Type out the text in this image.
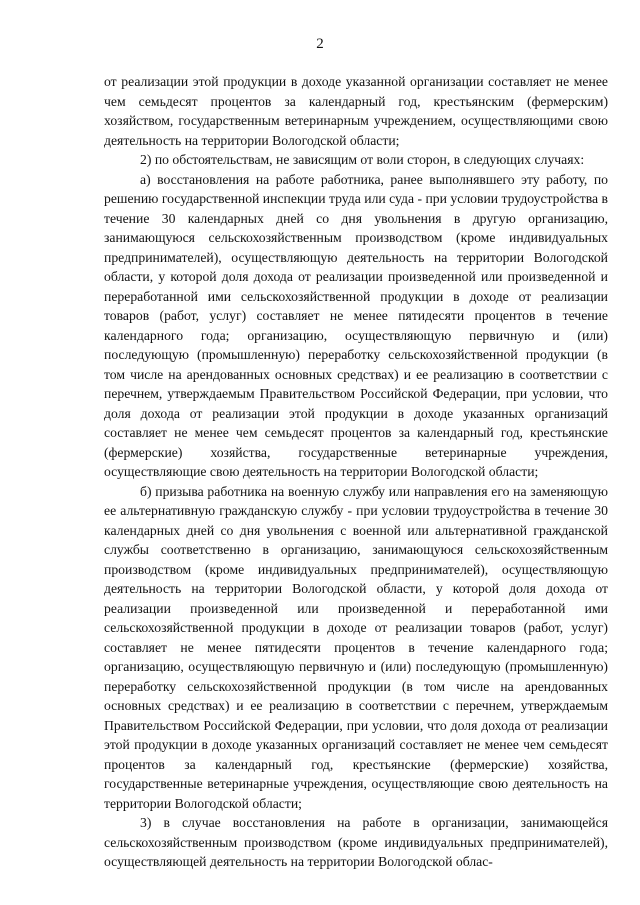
2

от реализации этой продукции в доходе указанной организации составляет не менее чем семьдесят процентов за календарный год, крестьянским (фермерским) хозяйством, государственным ветеринарным учреждением, осуществляющими свою деятельность на территории Вологодской области;

2) по обстоятельствам, не зависящим от воли сторон, в следующих случаях:

а) восстановления на работе работника, ранее выполнявшего эту работу, по решению государственной инспекции труда или суда - при условии трудоустройства в течение 30 календарных дней со дня увольнения в другую организацию, занимающуюся сельскохозяйственным производством (кроме индивидуальных предпринимателей), осуществляющую деятельность на территории Вологодской области, у которой доля дохода от реализации произведенной или произведенной и переработанной ими сельскохозяйственной продукции в доходе от реализации товаров (работ, услуг) составляет не менее пятидесяти процентов в течение календарного года; организацию, осуществляющую первичную и (или) последующую (промышленную) переработку сельскохозяйственной продукции (в том числе на арендованных основных средствах) и ее реализацию в соответствии с перечнем, утверждаемым Правительством Российской Федерации, при условии, что доля дохода от реализации этой продукции в доходе указанных организаций составляет не менее чем семьдесят процентов за календарный год, крестьянские (фермерские) хозяйства, государственные ветеринарные учреждения, осуществляющие свою деятельность на территории Вологодской области;

б) призыва работника на военную службу или направления его на заменяющую ее альтернативную гражданскую службу - при условии трудоустройства в течение 30 календарных дней со дня увольнения с военной или альтернативной гражданской службы соответственно в организацию, занимающуюся сельскохозяйственным производством (кроме индивидуальных предпринимателей), осуществляющую деятельность на территории Вологодской области, у которой доля дохода от реализации произведенной или произведенной и переработанной ими сельскохозяйственной продукции в доходе от реализации товаров (работ, услуг) составляет не менее пятидесяти процентов в течение календарного года; организацию, осуществляющую первичную и (или) последующую (промышленную) переработку сельскохозяйственной продукции (в том числе на арендованных основных средствах) и ее реализацию в соответствии с перечнем, утверждаемым Правительством Российской Федерации, при условии, что доля дохода от реализации этой продукции в доходе указанных организаций составляет не менее чем семьдесят процентов за календарный год, крестьянские (фермерские) хозяйства, государственные ветеринарные учреждения, осуществляющие свою деятельность на территории Вологодской области;

3) в случае восстановления на работе в организации, занимающейся сельскохозяйственным производством (кроме индивидуальных предпринимателей), осуществляющей деятельность на территории Вологодской облас-
